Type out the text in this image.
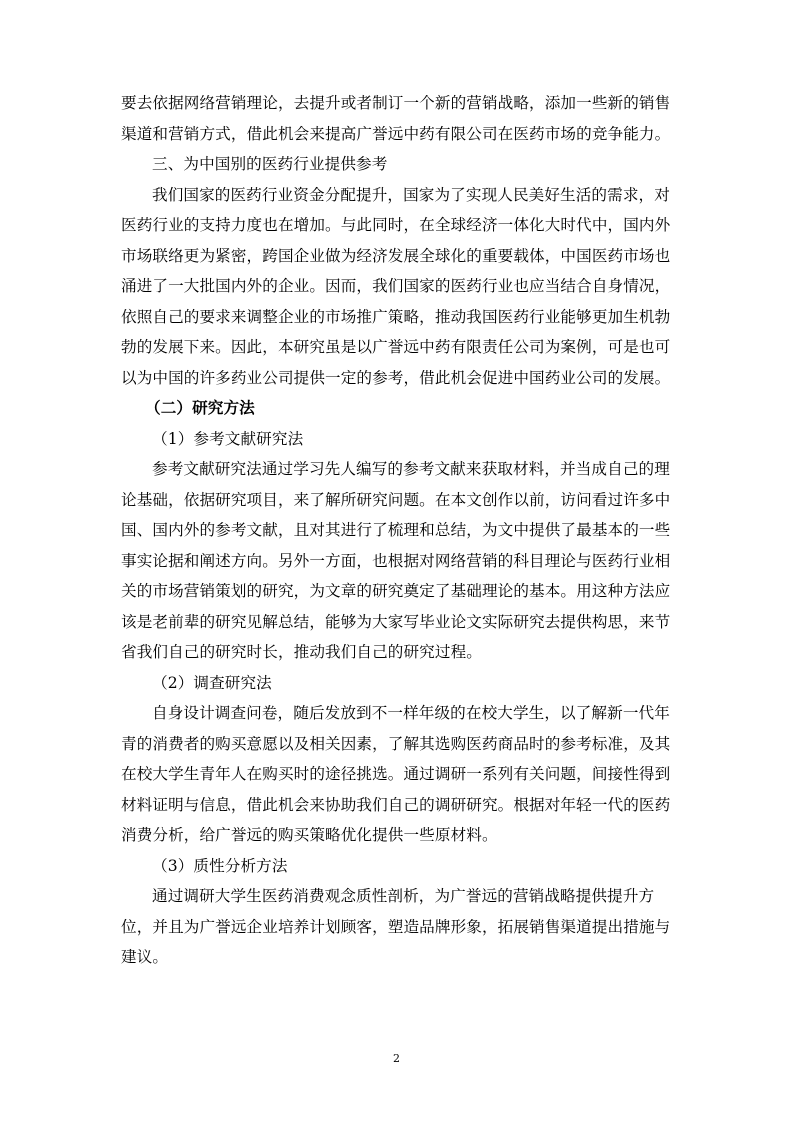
要去依据网络营销理论，去提升或者制订一个新的营销战略，添加一些新的销售
渠道和营销方式，借此机会来提高广誉远中药有限公司在医药市场的竞争能力。
三、为中国别的医药行业提供参考
我们国家的医药行业资金分配提升，国家为了实现人民美好生活的需求，对
医药行业的支持力度也在增加。与此同时，在全球经济一体化大时代中，国内外
市场联络更为紧密，跨国企业做为经济发展全球化的重要载体，中国医药市场也
涌进了一大批国内外的企业。因而，我们国家的医药行业也应当结合自身情况，
依照自己的要求来调整企业的市场推广策略，推动我国医药行业能够更加生机勃
勃的发展下来。因此，本研究虽是以广誉远中药有限责任公司为案例，可是也可
以为中国的许多药业公司提供一定的参考，借此机会促进中国药业公司的发展。
（二）研究方法
（1）参考文献研究法
参考文献研究法通过学习先人编写的参考文献来获取材料，并当成自己的理
论基础，依据研究项目，来了解所研究问题。在本文创作以前，访问看过许多中
国、国内外的参考文献，且对其进行了梳理和总结，为文中提供了最基本的一些
事实论据和阐述方向。另外一方面，也根据对网络营销的科目理论与医药行业相
关的市场营销策划的研究，为文章的研究奠定了基础理论的基本。用这种方法应
该是老前辈的研究见解总结，能够为大家写毕业论文实际研究去提供构思，来节
省我们自己的研究时长，推动我们自己的研究过程。
（2）调查研究法
自身设计调查问卷，随后发放到不一样年级的在校大学生，以了解新一代年
青的消费者的购买意愿以及相关因素，了解其选购医药商品时的参考标准，及其
在校大学生青年人在购买时的途径挑选。通过调研一系列有关问题，间接性得到
材料证明与信息，借此机会来协助我们自己的调研研究。根据对年轻一代的医药
消费分析，给广誉远的购买策略优化提供一些原材料。
（3）质性分析方法
通过调研大学生医药消费观念质性剖析，为广誉远的营销战略提供提升方
位，并且为广誉远企业培养计划顾客，塑造品牌形象，拓展销售渠道提出措施与
建议。
2
